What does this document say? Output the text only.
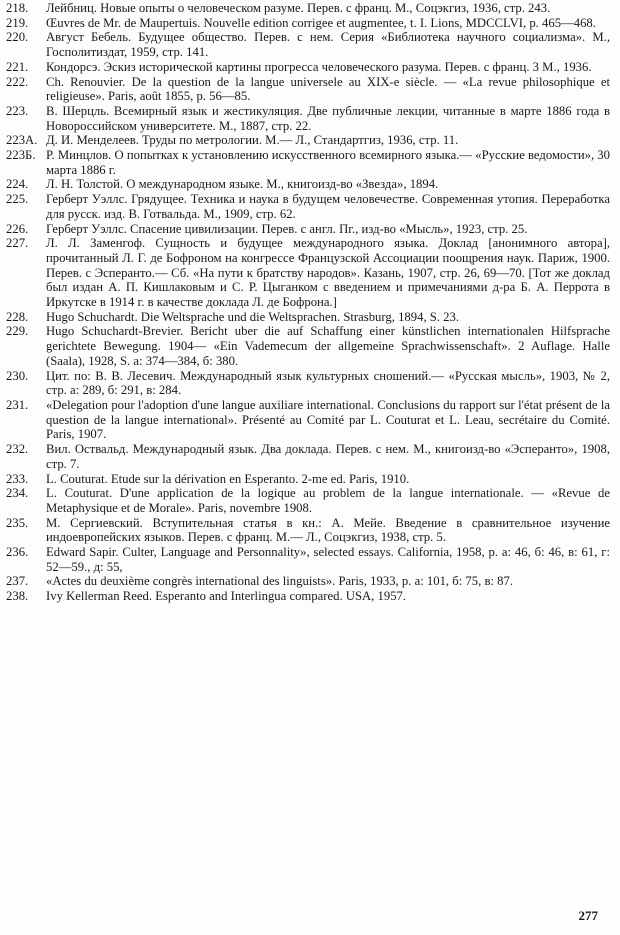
218.	Лейбниц. Новые опыты о человеческом разуме. Перев. с франц. М., Соцэкгиз, 1936, стр. 243.
219.	Œuvres de Mr. de Maupertuis. Nouvelle edition corrigee et augmentee, t. I. Lions, MDCCLVI, p. 465—468.
220.	Август Бебель. Будущее общество. Перев. с нем. Серия «Библиотека научного социализма». М., Госполитиздат, 1959, стр. 141.
221.	Кондорсэ. Эскиз исторической картины прогресса человеческого разума. Перев. с франц. 3 М., 1936.
222.	Ch. Renouvier. De la question de la langue universele au XIX-e siècle. — «La revue philosophique et religieuse». Paris, août 1855, p. 56—85.
223.	В. Шерцль. Всемирный язык и жестикуляция. Две публичные лекции, читанные в марте 1886 года в Новороссийском университете. М., 1887, стр. 22.
223А. Д. И. Менделеев. Труды по метрологии. М.— Л., Стандартгиз, 1936, стр. 11.
223Б. Р. Минцлов. О попытках к установлению искусственного всемирного языка.— «Русские ведомости», 30 марта 1886 г.
224.	Л. Н. Толстой. О международном языке. М., книгоизд-во «Звезда», 1894.
225.	Герберт Уэллс. Грядущее. Техника и наука в будущем человечестве. Современная утопия. Переработка для русск. изд. В. Готвальда. М., 1909, стр. 62.
226.	Герберт Уэллс. Спасение цивилизации. Перев. с англ. Пг., изд-во «Мысль», 1923, стр. 25.
227.	Л. Л. Заменгоф. Сущность и будущее международного языка. Доклад [анонимного автора], прочитанный Л. Г. де Бофроном на конгрессе Французской Ассоциации поощрения наук. Париж, 1900. Перев. с Эсперанто.— Сб. «На пути к братству народов». Казань, 1907, стр. 26, 69—70. [Тот же доклад был издан А. П. Кишлаковым и С. Р. Цыганком с введением и примечаниями д-ра Б. А. Перрота в Иркутске в 1914 г. в качестве доклада Л. де Бофрона.]
228.	Hugo Schuchardt. Die Weltsprache und die Weltsprachen. Strasburg, 1894, S. 23.
229.	Hugo Schuchardt-Brevier. Bericht uber die auf Schaffung einer künstlichen internationalen Hilfsprache gerichtete Bewegung. 1904— «Ein Vademecum der allgemeine Sprachwissenschaft». 2 Auflage. Halle (Saala), 1928, S. a: 374—384, б: 380.
230.	Цит. по: В. В. Лесевич. Международный язык культурных сношений.— «Русская мысль», 1903, № 2, стр. а: 289, б: 291, в: 284.
231.	«Delegation pour l'adoption d'une langue auxiliare international. Conclusions du rapport sur l'état présent de la question de la langue international». Présenté au Comité par L. Couturat et L. Leau, secrétaire du Comité. Paris, 1907.
232.	Вил. Оствальд. Международный язык. Два доклада. Перев. с нем. М., книгоизд-во «Эсперанто», 1908, стр. 7.
233.	L. Couturat. Etude sur la dérivation en Esperanto. 2-me ed. Paris, 1910.
234.	L. Couturat. D'une application de la logique au problem de la langue internationale. — «Revue de Metaphysique et de Morale». Paris, novembre 1908.
235.	М. Сергиевский. Вступительная статья в кн.: А. Мейе. Введение в сравнительное изучение индоевропейских языков. Перев. с франц. М.— Л., Соцэкгиз, 1938, стр. 5.
236.	Edward Sapir. Culter, Language and Personnality», selected essays. California, 1958, p. a: 46, б: 46, в: 61, г: 52—59., д: 55,
237.	«Actes du deuxième congrès international des linguists». Paris, 1933, p. a: 101, б: 75, в: 87.
238.	Ivy Kellerman Reed. Esperanto and Interlingua compared. USA, 1957.
277
